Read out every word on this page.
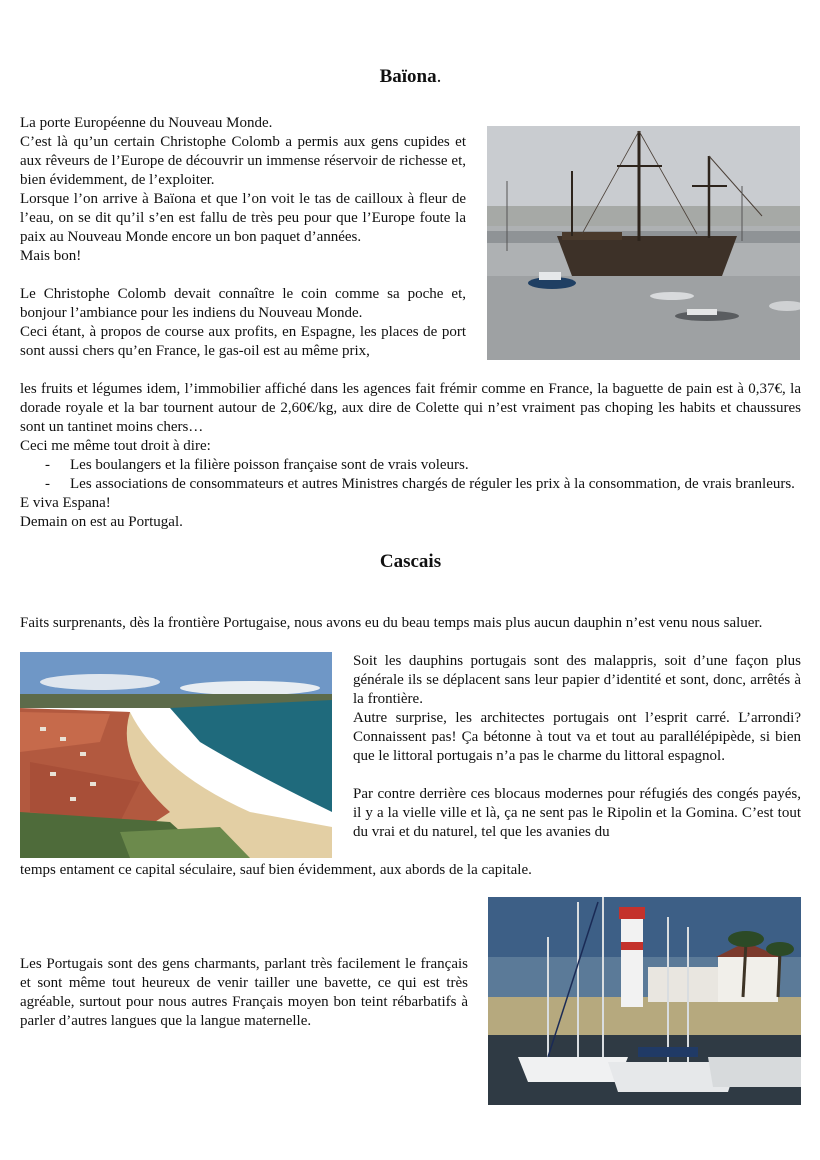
Baïona.

La porte Européenne du Nouveau Monde.

C’est là qu’un certain Christophe Colomb a permis aux gens cupides et aux rêveurs de l’Europe de découvrir un immense réservoir de richesse et, bien évidemment, de l’exploiter.

Lorsque l’on arrive à Baïona et que l’on voit le tas de cailloux à fleur de l’eau, on se dit qu’il s’en est fallu de très peu pour que l’Europe foute la paix au Nouveau Monde encore un bon paquet d’années.

Mais bon!

Le Christophe Colomb devait connaître le coin comme sa poche et, bonjour l’ambiance pour les indiens du Nouveau Monde.

Ceci étant, à propos de course aux profits, en Espagne, les places de port sont aussi chers qu’en France, le gas-oil est au même prix,

les fruits et légumes idem, l’immobilier affiché dans les agences fait frémir comme en France, la baguette de pain est à 0,37€, la dorade royale et la bar tournent autour de 2,60€/kg, aux dire de Colette qui n’est vraiment pas choping les habits et chaussures sont un tantinet moins chers…

Ceci me même tout droit à dire:

- Les boulangers et la filière poisson française sont de vrais voleurs.
- Les associations de consommateurs et autres Ministres chargés de réguler les prix à la consommation, de vrais branleurs.

E viva Espana!

Demain on est au Portugal.

Cascais

Faits surprenants, dès la frontière Portugaise, nous avons eu du beau temps mais plus aucun dauphin n’est venu nous saluer.

Soit les dauphins portugais sont des malappris, soit d’une façon plus générale ils se déplacent sans leur papier d’identité et sont, donc, arrêtés à la frontière.

Autre surprise, les architectes portugais ont l’esprit carré. L’arrondi? Connaissent pas! Ça bétonne à tout va et tout au parallélépipède, si bien que le littoral portugais n’a pas le charme du littoral espagnol.

Par contre derrière ces blocaus modernes pour réfugiés des congés payés, il y a la vielle ville et là, ça ne sent pas le Ripolin et la Gomina. C’est tout du vrai et du naturel, tel que les avanies du

temps entament ce capital séculaire, sauf bien évidemment, aux abords de la capitale.

Les Portugais sont des gens charmants, parlant très facilement le français et sont même tout heureux de venir tailler une bavette, ce qui est très agréable, surtout pour nous autres Français moyen bon teint rébarbatifs à parler d’autres langues que la langue maternelle.
